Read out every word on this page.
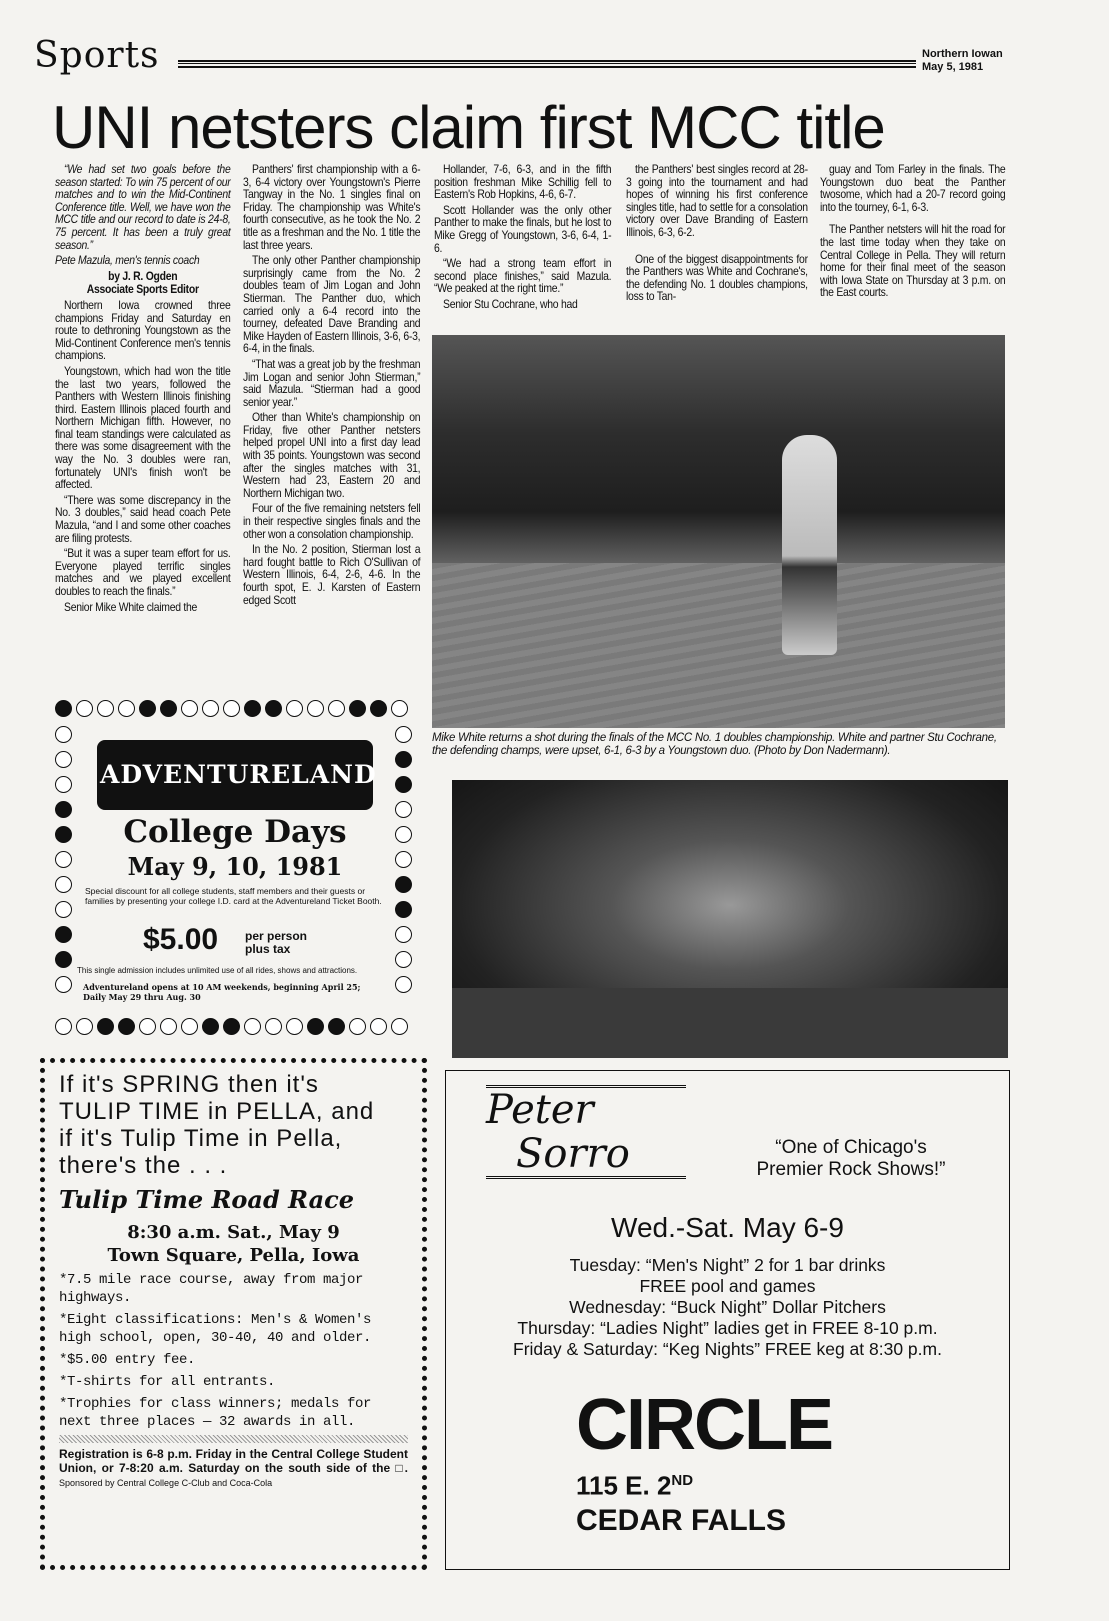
Sports	Northern Iowan
May 5, 1981
UNI netsters claim first MCC title

“We had set two goals before the season started: To win 75 percent of our matches and to win the Mid-Continent Conference title. Well, we have won the MCC title and our record to date is 24-8, 75 percent. It has been a truly great season.”

Pete Mazula, men's tennis coach

by J. R. Ogden
Associate Sports Editor

Northern Iowa crowned three champions Friday and Saturday en route to dethroning Youngstown as the Mid-Continent Conference men's tennis champions.

Youngstown, which had won the title the last two years, followed the Panthers with Western Illinois finishing third. Eastern Illinois placed fourth and Northern Michigan fifth. However, no final team standings were calculated as there was some disagreement with the way the No. 3 doubles were ran, fortunately UNI's finish won't be affected.

“There was some discrepancy in the No. 3 doubles,” said head coach Pete Mazula, “and I and some other coaches are filing protests.

“But it was a super team effort for us. Everyone played terrific singles matches and we played excellent doubles to reach the finals.”

Senior Mike White claimed the

Panthers' first championship with a 6-3, 6-4 victory over Youngstown's Pierre Tangway in the No. 1 singles final on Friday. The championship was White's fourth consecutive, as he took the No. 2 title as a freshman and the No. 1 title the last three years.

The only other Panther championship surprisingly came from the No. 2 doubles team of Jim Logan and John Stierman. The Panther duo, which carried only a 6-4 record into the tourney, defeated Dave Branding and Mike Hayden of Eastern Illinois, 3-6, 6-3, 6-4, in the finals.

“That was a great job by the freshman Jim Logan and senior John Stierman,” said Mazula. “Stierman had a good senior year.”

Other than White's championship on Friday, five other Panther netsters helped propel UNI into a first day lead with 35 points. Youngstown was second after the singles matches with 31, Western had 23, Eastern 20 and Northern Michigan two.

Four of the five remaining netsters fell in their respective singles finals and the other won a consolation championship.

In the No. 2 position, Stierman lost a hard fought battle to Rich O'Sullivan of Western Illinois, 6-4, 2-6, 4-6. In the fourth spot, E. J. Karsten of Eastern edged Scott

Hollander, 7-6, 6-3, and in the fifth position freshman Mike Schillig fell to Eastern's Rob Hopkins, 4-6, 6-7.

Scott Hollander was the only other Panther to make the finals, but he lost to Mike Gregg of Youngstown, 3-6, 6-4, 1-6.

“We had a strong team effort in second place finishes,” said Mazula. “We peaked at the right time.”

Senior Stu Cochrane, who had

the Panthers' best singles record at 28-3 going into the tournament and had hopes of winning his first conference singles title, had to settle for a consolation victory over Dave Branding of Eastern Illinois, 6-3, 6-2.

One of the biggest disappointments for the Panthers was White and Cochrane's, the defending No. 1 doubles champions, loss to Tan-

guay and Tom Farley in the finals. The Youngstown duo beat the Panther twosome, which had a 20-7 record going into the tourney, 6-1, 6-3.

The Panther netsters will hit the road for the last time today when they take on Central College in Pella. They will return home for their final meet of the season with Iowa State on Thursday at 3 p.m. on the East courts.

Mike White returns a shot during the finals of the MCC No. 1 doubles championship. White and partner Stu Cochrane, the defending champs, were upset, 6-1, 6-3 by a Youngstown duo. (Photo by Don Nadermann).
ADVENTURELAND
College Days
May 9, 10, 1981
Special discount for all college students, staff members and their guests or families by presenting your college I.D. card at the Adventureland Ticket Booth.
$5.00 per person
plus tax
This single admission includes unlimited use of all rides, shows and attractions.
Adventureland opens at 10 AM weekends, beginning April 25;
Daily May 29 thru Aug. 30
If it's SPRING then it's
TULIP TIME in PELLA, and
if it's Tulip Time in Pella,
there's the . . .
Tulip Time Road Race
8:30 a.m. Sat., May 9
Town Square, Pella, Iowa
*7.5 mile race course, away from major highways.
*Eight classifications: Men's & Women's high school, open, 30-40, 40 and older.
*$5.00 entry fee.
*T-shirts for all entrants.
*Trophies for class winners; medals for next three places — 32 awards in all.
Registration is 6-8 p.m. Friday in the Central College Student Union, or 7-8:20 a.m. Saturday on the south side of the □. Sponsored by Central College C-Club and Coca-Cola
Peter
Sorro	“One of Chicago's Premier Rock Shows!”
Wed.-Sat. May 6-9
Tuesday: “Men's Night” 2 for 1 bar drinks
FREE pool and games
Wednesday: “Buck Night” Dollar Pitchers
Thursday: “Ladies Night” ladies get in FREE 8-10 p.m.
Friday & Saturday: “Keg Nights” FREE keg at 8:30 p.m.
CIRCLE
115 E. 2ND
CEDAR FALLS
